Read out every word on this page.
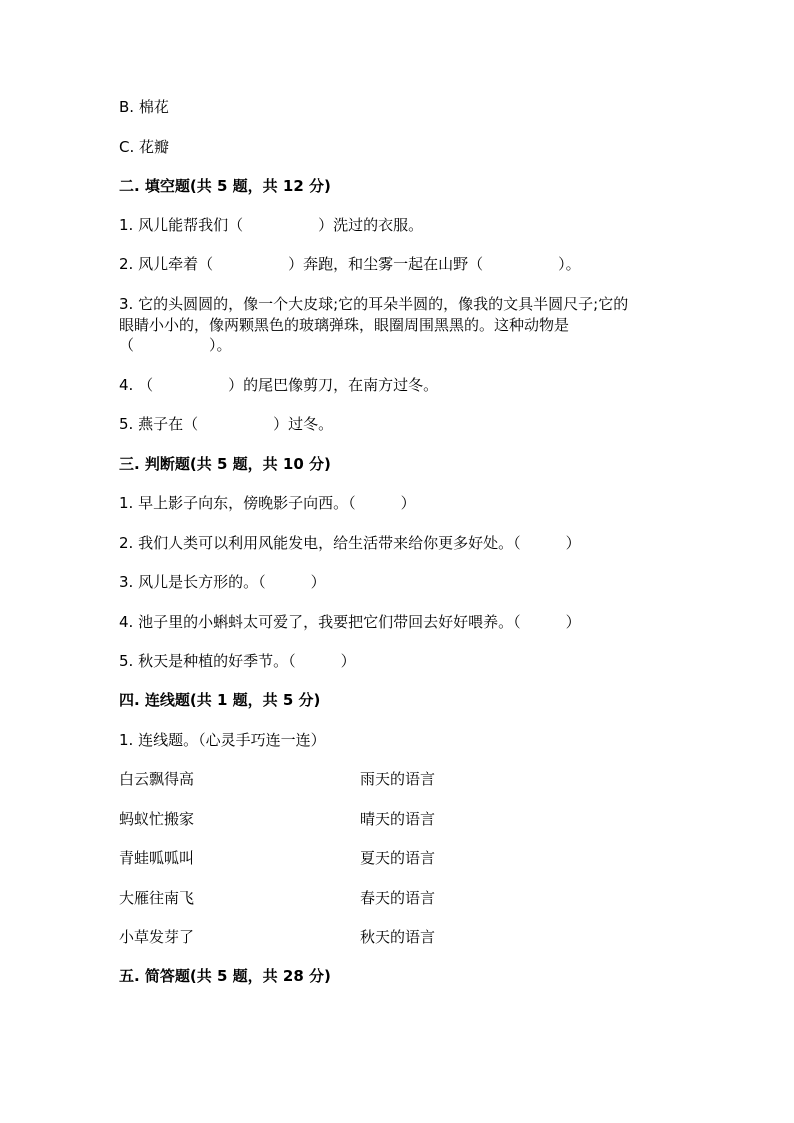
B. 棉花
C. 花瓣
二. 填空题(共 5 题，共 12 分)
1. 风儿能帮我们（　　　　　）洗过的衣服。
2. 风儿牵着（　　　　　）奔跑，和尘雾一起在山野（　　　　　）。
3. 它的头圆圆的，像一个大皮球;它的耳朵半圆的，像我的文具半圆尺子;它的
眼睛小小的，像两颗黑色的玻璃弹珠，眼圈周围黑黑的。这种动物是
（　　　　　）。
4. （　　　　　）的尾巴像剪刀，在南方过冬。
5. 燕子在（　　　　　）过冬。
三. 判断题(共 5 题，共 10 分)
1. 早上影子向东，傍晚影子向西。（　　　）
2. 我们人类可以利用风能发电，给生活带来给你更多好处。（　　　）
3. 风儿是长方形的。（　　　）
4. 池子里的小蝌蚪太可爱了，我要把它们带回去好好喂养。（　　　）
5. 秋天是种植的好季节。（　　　）
四. 连线题(共 1 题，共 5 分)
1. 连线题。（心灵手巧连一连）
白云飘得高	雨天的语言
蚂蚁忙搬家	晴天的语言
青蛙呱呱叫	夏天的语言
大雁往南飞	春天的语言
小草发芽了	秋天的语言
五. 简答题(共 5 题，共 28 分)
